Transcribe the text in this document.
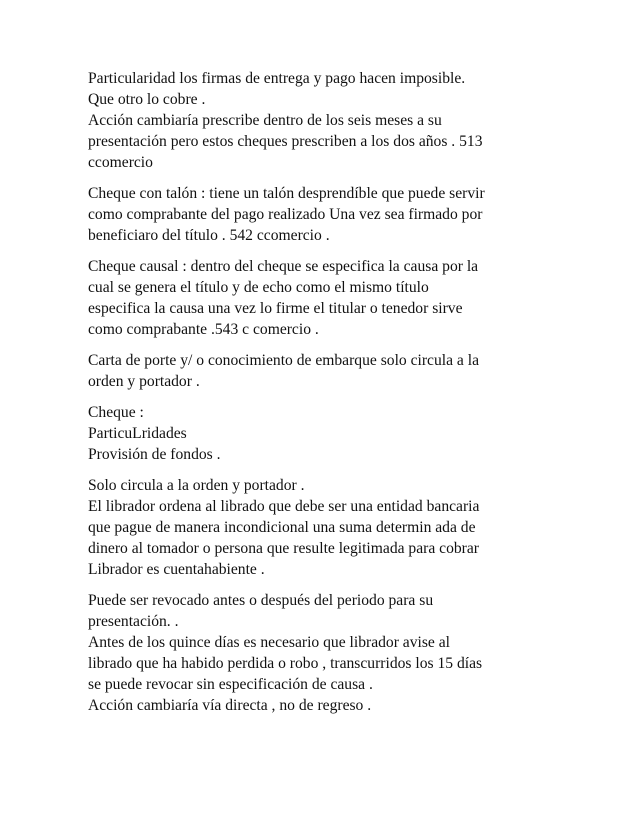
Particularidad los firmas de entrega y pago hacen imposible.
Que otro lo cobre .
Acción cambiaría prescribe dentro de los seis meses a su
presentación pero estos cheques prescriben a los dos años . 513
ccomercio

Cheque con talón : tiene un talón desprendíble que puede servir
como comprabante del pago realizado Una vez sea firmado por
beneficiaro del título . 542 ccomercio .

Cheque causal : dentro del cheque se especifica la causa por la
cual se genera el título y de echo como el mismo título
especifica la causa una vez lo firme el titular o tenedor sirve
como comprabante .543 c comercio .

Carta de porte y/ o conocimiento de embarque solo circula a la
orden y portador .

Cheque :
ParticuLridades
Provisión de fondos .

Solo circula a la orden y portador .
El librador ordena al librado que debe ser una entidad bancaria
que pague de manera incondicional una suma determin ada de
dinero al tomador o persona que resulte legitimada para cobrar
Librador es cuentahabiente .

Puede ser revocado antes o después del periodo para su
presentación. .
Antes de los quince días es necesario que librador avise al
librado que ha habido perdida o robo , transcurridos los 15 días
se puede revocar sin especificación de causa .
Acción cambiaría vía directa , no de regreso .
